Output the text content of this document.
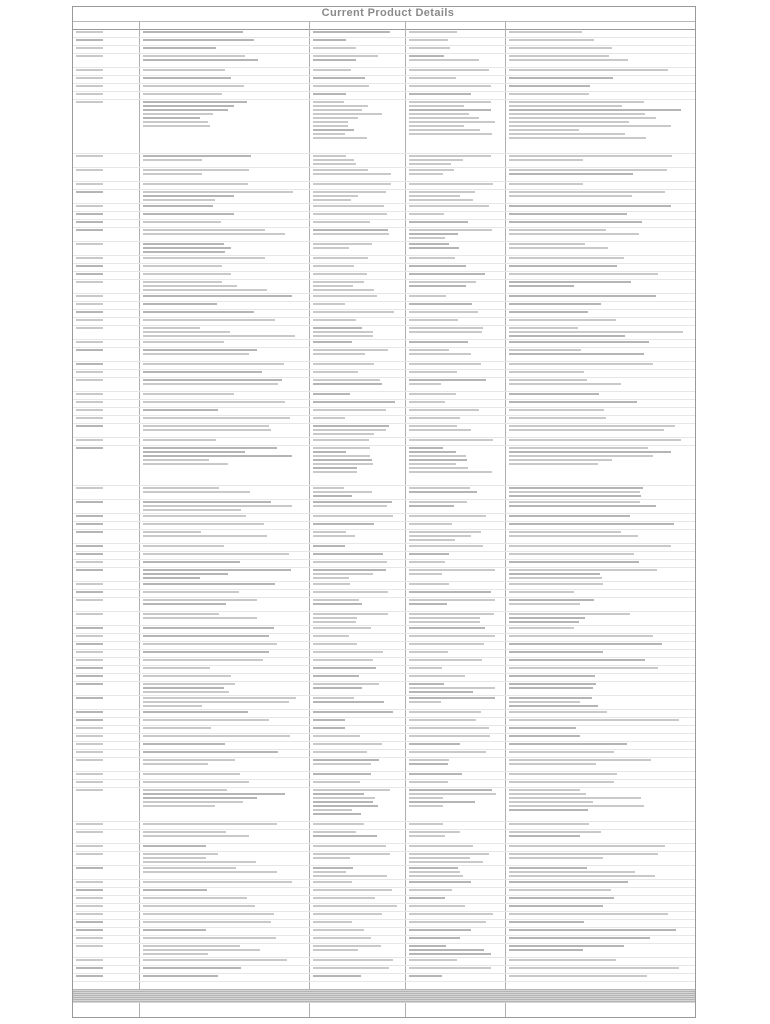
Current Product Details
